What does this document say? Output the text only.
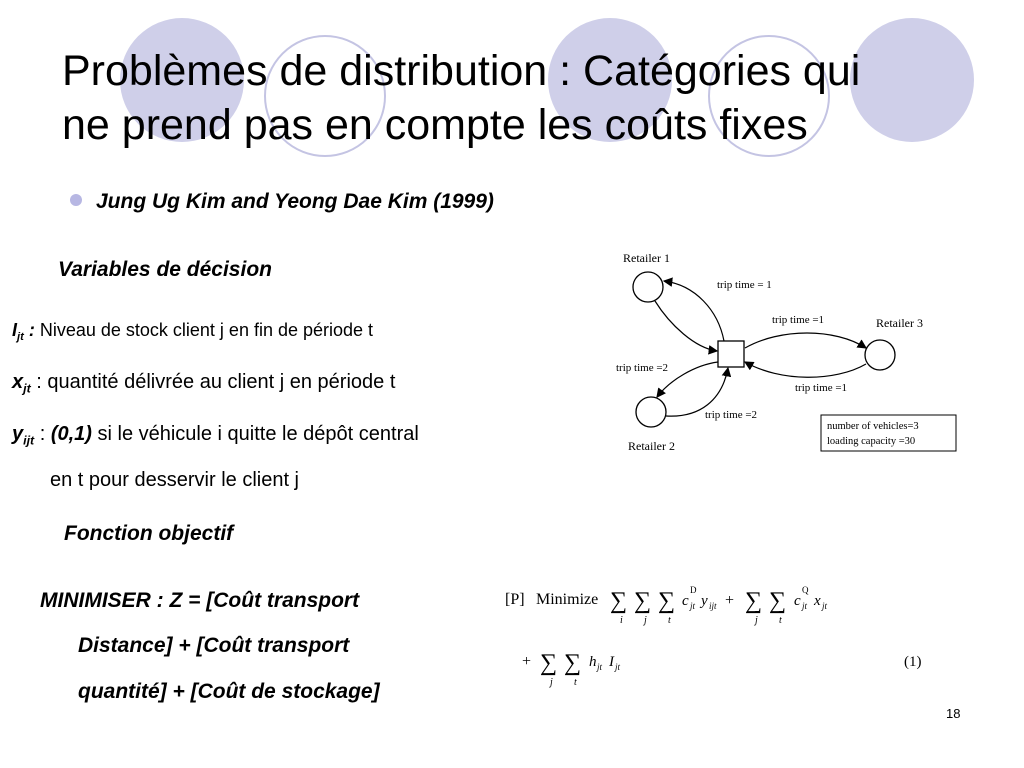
Problèmes de distribution : Catégories qui
ne prend pas en compte les coûts fixes
Jung Ug Kim and Yeong Dae Kim (1999)
Variables de décision
$I_{jt}$ : Niveau de stock client j en fin de période t
$x_{jt}$ : quantité délivrée au client j en période t
$y_{ijt}$ : (0,1) si le véhicule i quitte le dépôt central
en t pour desservir le client j
Fonction objectif
MINIMISER : Z = [Coût transport
Distance] + [Coût transport
quantité] + [Coût de stockage]
Retailer 1
Retailer 2
Retailer 3
trip time = 1
trip time =2
trip time =1
trip time =1
trip time =2
number of vehicles=3
loading capacity =30
[P] Minimize ∑
i
∑
j
∑
t
c
D
jt y ijt + ∑
j
∑
t
c
Q
jt x jt
+ ∑
j
∑
t
h jt I jt	(1)
18
